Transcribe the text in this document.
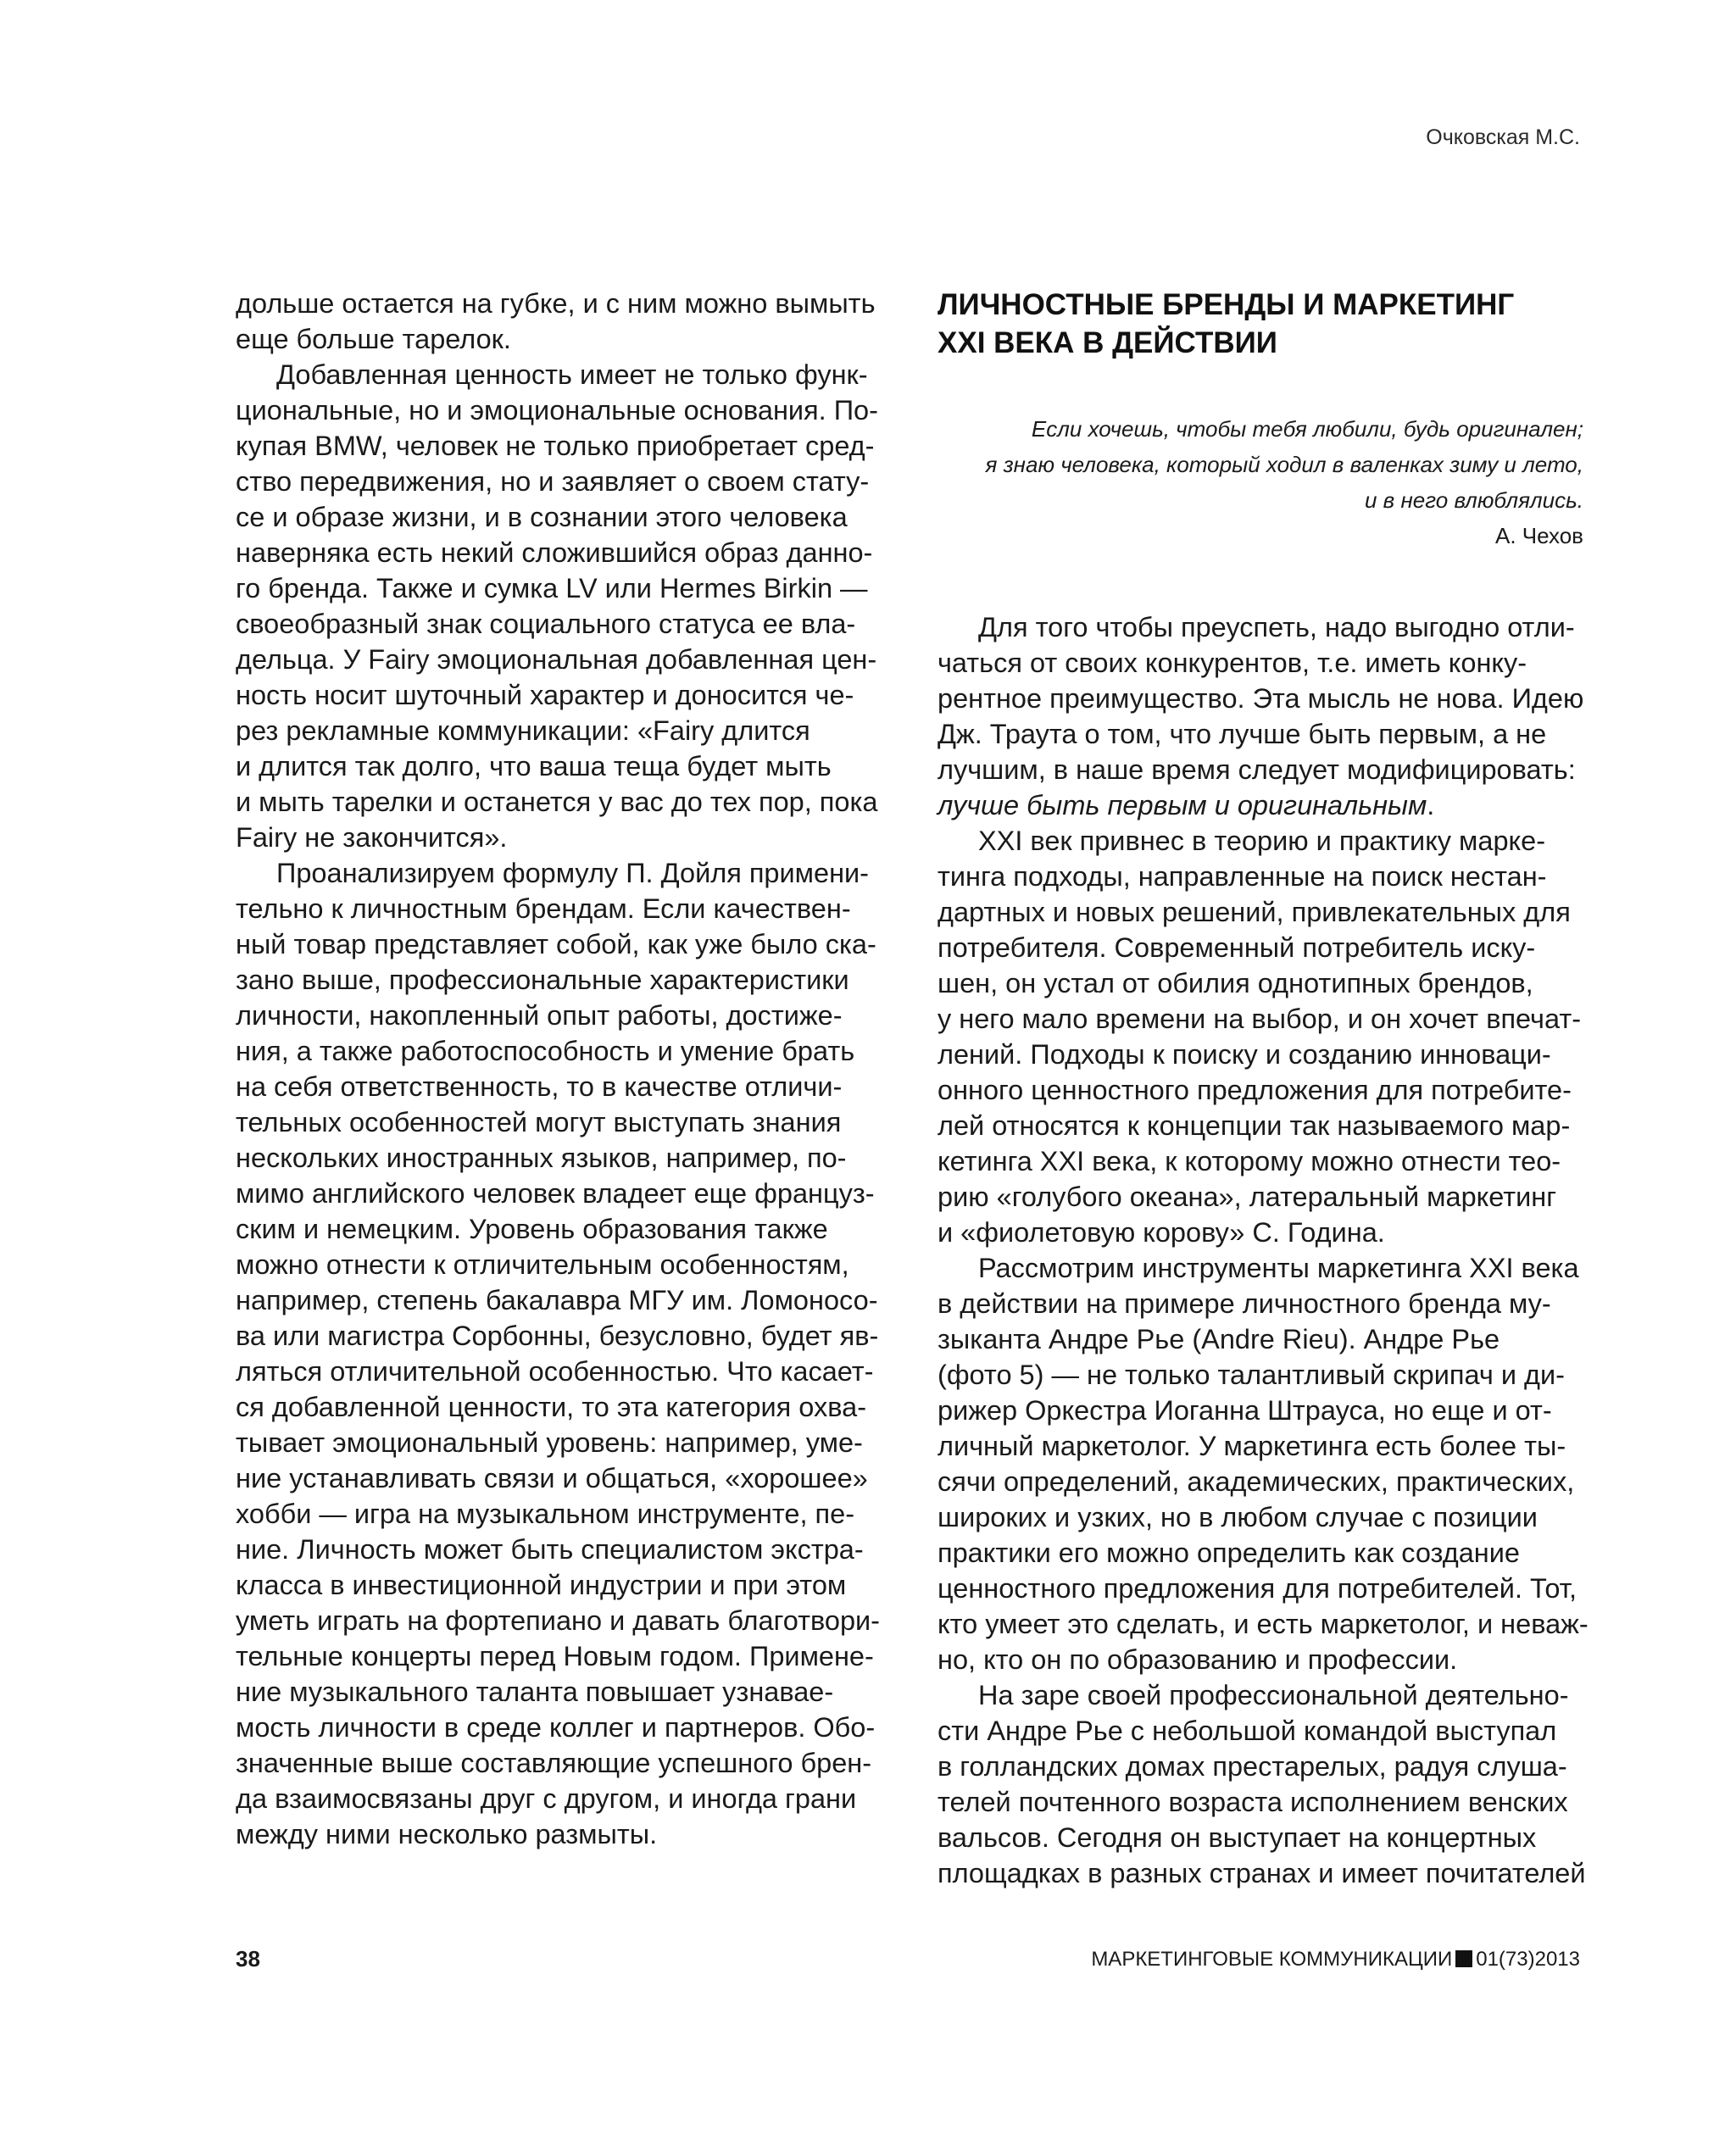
Очковская М.С.
дольше остается на губке, и с ним можно вымыть
еще больше тарелок.
Добавленная ценность имеет не только функ-
циональные, но и эмоциональные основания. По-
купая BMW, человек не только приобретает сред-
ство передвижения, но и заявляет о своем стату-
се и образе жизни, и в сознании этого человека
наверняка есть некий сложившийся образ данно-
го бренда. Также и сумка LV или Hermes Birkin —
своеобразный знак социального статуса ее вла-
дельца. У Fairy эмоциональная добавленная цен-
ность носит шуточный характер и доносится че-
рез рекламные коммуникации: «Fairy длится
и длится так долго, что ваша теща будет мыть
и мыть тарелки и останется у вас до тех пор, пока
Fairy не закончится».
Проанализируем формулу П. Дойля примени-
тельно к личностным брендам. Если качествен-
ный товар представляет собой, как уже было ска-
зано выше, профессиональные характеристики
личности, накопленный опыт работы, достиже-
ния, а также работоспособность и умение брать
на себя ответственность, то в качестве отличи-
тельных особенностей могут выступать знания
нескольких иностранных языков, например, по-
мимо английского человек владеет еще француз-
ским и немецким. Уровень образования также
можно отнести к отличительным особенностям,
например, степень бакалавра МГУ им. Ломоносо-
ва или магистра Сорбонны, безусловно, будет яв-
ляться отличительной особенностью. Что касает-
ся добавленной ценности, то эта категория охва-
тывает эмоциональный уровень: например, уме-
ние устанавливать связи и общаться, «хорошее»
хобби — игра на музыкальном инструменте, пе-
ние. Личность может быть специалистом экстра-
класса в инвестиционной индустрии и при этом
уметь играть на фортепиано и давать благотвори-
тельные концерты перед Новым годом. Примене-
ние музыкального таланта повышает узнавае-
мость личности в среде коллег и партнеров. Обо-
значенные выше составляющие успешного брен-
да взаимосвязаны друг с другом, и иногда грани
между ними несколько размыты.
ЛИЧНОСТНЫЕ БРЕНДЫ И МАРКЕТИНГ
XXI ВЕКА В ДЕЙСТВИИ
Если хочешь, чтобы тебя любили, будь оригинален;
я знаю человека, который ходил в валенках зиму и лето,
и в него влюблялись.
А. Чехов
Для того чтобы преуспеть, надо выгодно отли-
чаться от своих конкурентов, т.е. иметь конку-
рентное преимущество. Эта мысль не нова. Идею
Дж. Траута о том, что лучше быть первым, а не
лучшим, в наше время следует модифицировать:
лучше быть первым и оригинальным.
XXI век привнес в теорию и практику марке-
тинга подходы, направленные на поиск нестан-
дартных и новых решений, привлекательных для
потребителя. Современный потребитель иску-
шен, он устал от обилия однотипных брендов,
у него мало времени на выбор, и он хочет впечат-
лений. Подходы к поиску и созданию инноваци-
онного ценностного предложения для потребите-
лей относятся к концепции так называемого мар-
кетинга XXI века, к которому можно отнести тео-
рию «голубого океана», латеральный маркетинг
и «фиолетовую корову» С. Година.
Рассмотрим инструменты маркетинга XXI века
в действии на примере личностного бренда му-
зыканта Андре Рье (Andre Rieu). Андре Рье
(фото 5) — не только талантливый скрипач и ди-
рижер Оркестра Иоганна Штрауса, но еще и от-
личный маркетолог. У маркетинга есть более ты-
сячи определений, академических, практических,
широких и узких, но в любом случае с позиции
практики его можно определить как создание
ценностного предложения для потребителей. Тот,
кто умеет это сделать, и есть маркетолог, и неваж-
но, кто он по образованию и профессии.
На заре своей профессиональной деятельно-
сти Андре Рье с небольшой командой выступал
в голландских домах престарелых, радуя слуша-
телей почтенного возраста исполнением венских
вальсов. Сегодня он выступает на концертных
площадках в разных странах и имеет почитателей
38	МАРКЕТИНГОВЫЕ КОММУНИКАЦИИ 01(73)2013
